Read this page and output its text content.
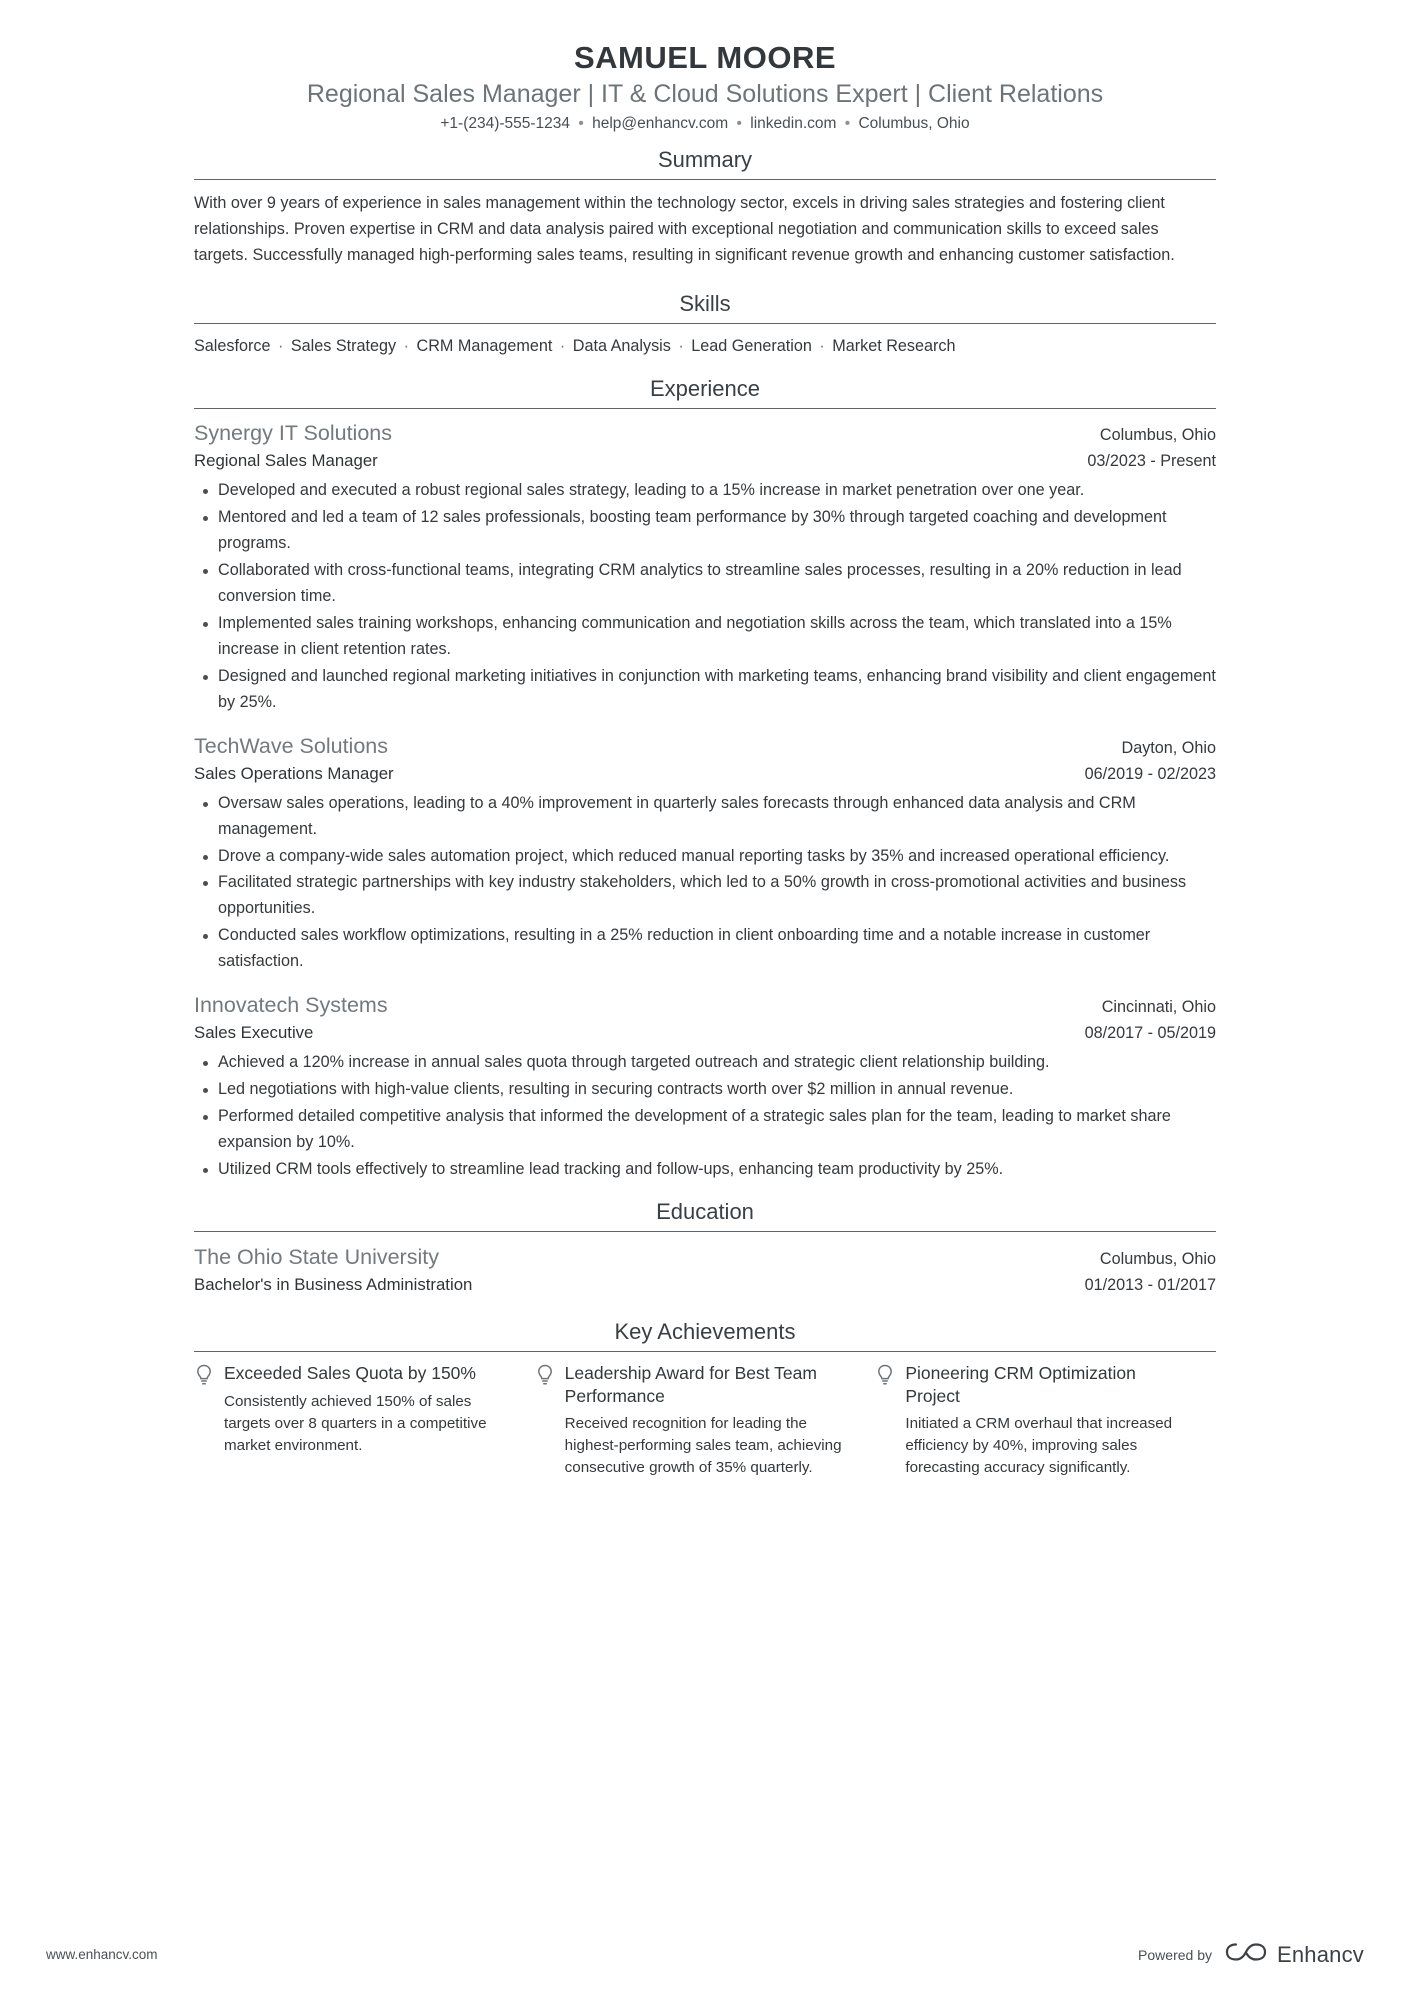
SAMUEL MOORE
Regional Sales Manager | IT & Cloud Solutions Expert | Client Relations
+1-(234)-555-1234 • help@enhancv.com • linkedin.com • Columbus, Ohio
Summary
With over 9 years of experience in sales management within the technology sector, excels in driving sales strategies and fostering client relationships. Proven expertise in CRM and data analysis paired with exceptional negotiation and communication skills to exceed sales targets. Successfully managed high-performing sales teams, resulting in significant revenue growth and enhancing customer satisfaction.
Skills
Salesforce · Sales Strategy · CRM Management · Data Analysis · Lead Generation · Market Research
Experience
Synergy IT Solutions	Columbus, Ohio
Regional Sales Manager	03/2023 - Present
Developed and executed a robust regional sales strategy, leading to a 15% increase in market penetration over one year.
Mentored and led a team of 12 sales professionals, boosting team performance by 30% through targeted coaching and development programs.
Collaborated with cross-functional teams, integrating CRM analytics to streamline sales processes, resulting in a 20% reduction in lead conversion time.
Implemented sales training workshops, enhancing communication and negotiation skills across the team, which translated into a 15% increase in client retention rates.
Designed and launched regional marketing initiatives in conjunction with marketing teams, enhancing brand visibility and client engagement by 25%.
TechWave Solutions	Dayton, Ohio
Sales Operations Manager	06/2019 - 02/2023
Oversaw sales operations, leading to a 40% improvement in quarterly sales forecasts through enhanced data analysis and CRM management.
Drove a company-wide sales automation project, which reduced manual reporting tasks by 35% and increased operational efficiency.
Facilitated strategic partnerships with key industry stakeholders, which led to a 50% growth in cross-promotional activities and business opportunities.
Conducted sales workflow optimizations, resulting in a 25% reduction in client onboarding time and a notable increase in customer satisfaction.
Innovatech Systems	Cincinnati, Ohio
Sales Executive	08/2017 - 05/2019
Achieved a 120% increase in annual sales quota through targeted outreach and strategic client relationship building.
Led negotiations with high-value clients, resulting in securing contracts worth over $2 million in annual revenue.
Performed detailed competitive analysis that informed the development of a strategic sales plan for the team, leading to market share expansion by 10%.
Utilized CRM tools effectively to streamline lead tracking and follow-ups, enhancing team productivity by 25%.
Education
The Ohio State University	Columbus, Ohio
Bachelor's in Business Administration	01/2013 - 01/2017
Key Achievements
Exceeded Sales Quota by 150%
Consistently achieved 150% of sales targets over 8 quarters in a competitive market environment.
Leadership Award for Best Team Performance
Received recognition for leading the highest-performing sales team, achieving consecutive growth of 35% quarterly.
Pioneering CRM Optimization Project
Initiated a CRM overhaul that increased efficiency by 40%, improving sales forecasting accuracy significantly.
www.enhancv.com	Powered by	Enhancv
